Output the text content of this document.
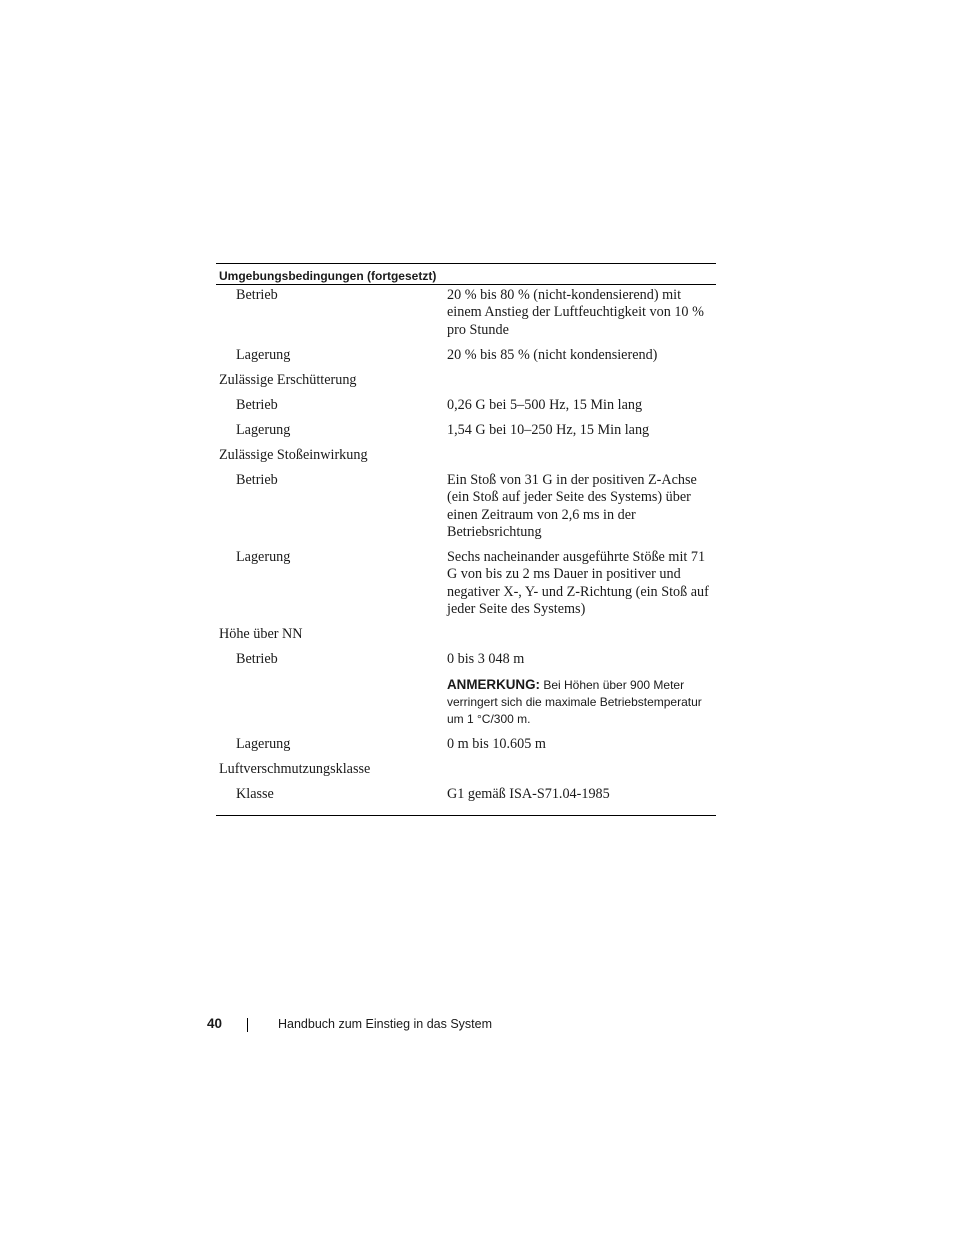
Umgebungsbedingungen (fortgesetzt)
Betrieb	20 % bis 80 % (nicht-kondensierend) mit einem Anstieg der Luftfeuchtigkeit von 10 % pro Stunde
Lagerung	20 % bis 85 % (nicht kondensierend)
Zulässige Erschütterung
Betrieb	0,26 G bei 5–500 Hz, 15 Min lang
Lagerung	1,54 G bei 10–250 Hz, 15 Min lang
Zulässige Stoßeinwirkung
Betrieb	Ein Stoß von 31 G in der positiven Z-Achse (ein Stoß auf jeder Seite des Systems) über einen Zeitraum von 2,6 ms in der Betriebsrichtung
Lagerung	Sechs nacheinander ausgeführte Stöße mit 71 G von bis zu 2 ms Dauer in positiver und negativer X-, Y- und Z-Richtung (ein Stoß auf jeder Seite des Systems)
Höhe über NN
Betrieb	0 bis 3 048 m
ANMERKUNG: Bei Höhen über 900 Meter verringert sich die maximale Betriebstemperatur um 1 °C/300 m.
Lagerung	0 m bis 10.605 m
Luftverschmutzungsklasse
Klasse	G1 gemäß ISA-S71.04-1985
40	Handbuch zum Einstieg in das System
